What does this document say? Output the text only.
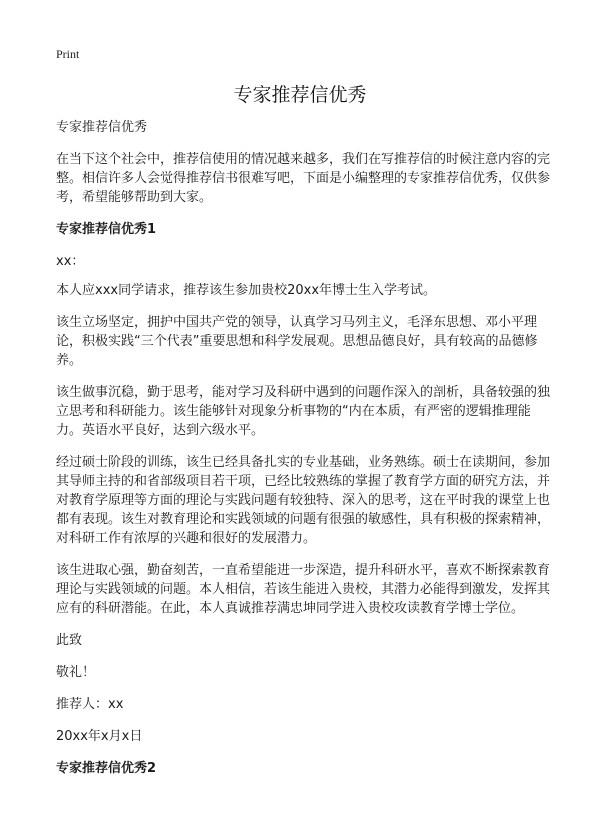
Print
专家推荐信优秀

专家推荐信优秀

在当下这个社会中，推荐信使用的情况越来越多，我们在写推荐信的时候注意内容的完整。相信许多人会觉得推荐信书很难写吧，下面是小编整理的专家推荐信优秀，仅供参考，希望能够帮助到大家。

专家推荐信优秀1

xx：

本人应xxx同学请求，推荐该生参加贵校20xx年博士生入学考试。

该生立场坚定，拥护中国共产党的领导，认真学习马列主义，毛泽东思想、邓小平理论，积极实践“三个代表”重要思想和科学发展观。思想品德良好，具有较高的品德修养。

该生做事沉稳，勤于思考，能对学习及科研中遇到的问题作深入的剖析，具备较强的独立思考和科研能力。该生能够针对现象分析事物的“内在本质，有严密的逻辑推理能力。英语水平良好，达到六级水平。

经过硕士阶段的训练，该生已经具备扎实的专业基础，业务熟练。硕士在读期间，参加其导师主持的和省部级项目若干项，已经比较熟练的掌握了教育学方面的研究方法，并对教育学原理等方面的理论与实践问题有较独特、深入的思考，这在平时我的课堂上也都有表现。该生对教育理论和实践领域的问题有很强的敏感性，具有积极的探索精神，对科研工作有浓厚的兴趣和很好的发展潜力。

该生进取心强，勤奋刻苦，一直希望能进一步深造，提升科研水平，喜欢不断探索教育理论与实践领域的问题。本人相信，若该生能进入贵校，其潜力必能得到激发，发挥其应有的科研潜能。在此，本人真诚推荐满忠坤同学进入贵校攻读教育学博士学位。

此致

敬礼！

推荐人：xx

20xx年x月x日

专家推荐信优秀2
